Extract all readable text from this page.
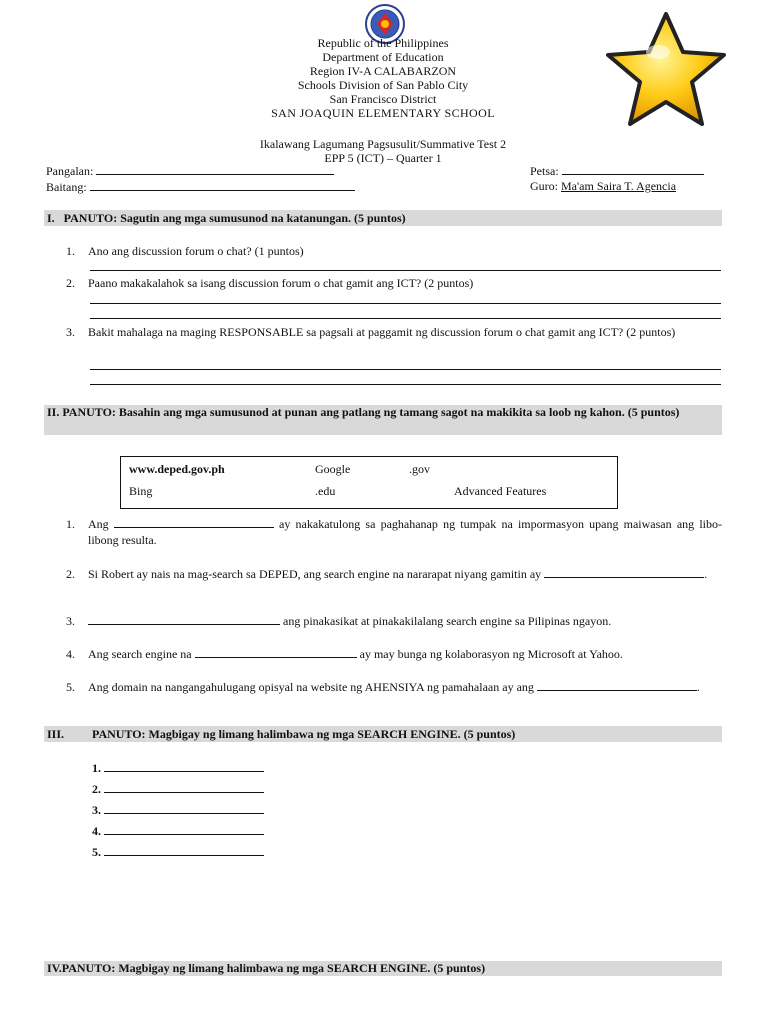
Republic of the Philippines
Department of Education
Region IV-A CALABARZON
Schools Division of San Pablo City
San Francisco District
SAN JOAQUIN ELEMENTARY SCHOOL
Ikalawang Lagumang Pagsusulit/Summative Test 2
EPP 5 (ICT) – Quarter 1
Pangalan:
Baitang:
Petsa:
Guro: Ma'am Saira T. Agencia
I.   PANUTO: Sagutin ang mga sumusunod na katanungan. (5 puntos)
1. Ano ang discussion forum o chat? (1 puntos)
2. Paano makakalahok sa isang discussion forum o chat gamit ang ICT? (2 puntos)
3.	Bakit mahalaga na maging RESPONSABLE sa pagsali at paggamit ng discussion forum o chat gamit ang ICT? (2 puntos)
II. PANUTO: Basahin ang mga sumusunod at punan ang patlang ng tamang sagot na makikita sa loob ng kahon. (5 puntos)
www.deped.gov.ph	Google	.gov
Bing	.edu	Advanced Features
1.	Ang	ay nakakatulong sa paghahanap ng tumpak na impormasyon upang maiwasan ang libo-libong resulta.
2.	Si Robert ay nais na mag-search sa DEPED, ang search engine na nararapat niyang gamitin ay	.
3.	ang pinakasikat at pinakakilalang search engine sa Pilipinas ngayon.
4.	Ang search engine na	ay may bunga ng kolaborasyon ng Microsoft at Yahoo.
5.	Ang domain na nangangahulugang opisyal na website ng AHENSIYA ng pamahalaan ay ang	.
III. PANUTO: Magbigay ng limang halimbawa ng mga SEARCH ENGINE. (5 puntos)
1.
2.
3.
4.
5.
IV.PANUTO: Magbigay ng limang halimbawa ng mga SEARCH ENGINE. (5 puntos)
